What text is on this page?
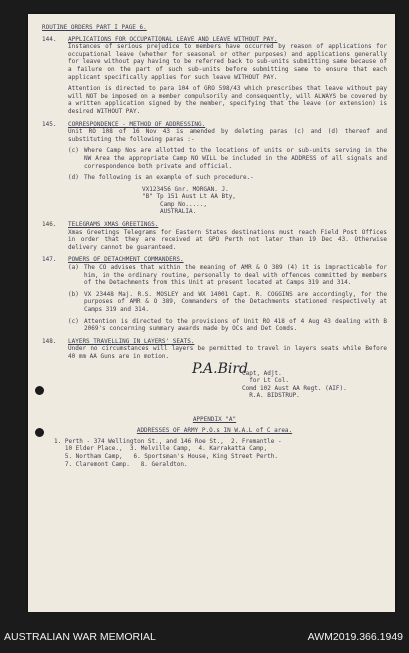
ROUTINE ORDERS PART I PAGE 6.
144.	APPLICATIONS FOR OCCUPATIONAL LEAVE AND LEAVE WITHOUT PAY.

Instances of serious prejudice to members have occurred by reason of applications for occupational leave (whether for seasonal or other purposes) and applications generally for leave without pay having to be referred back to sub-units submitting same because of a failure on the part of such sub-units before submitting same to ensure that each applicant specifically applies for such leave WITHOUT PAY.

Attention is directed to para 104 of GRO 598/43 which prescribes that leave without pay will NOT be imposed on a member compulsorily and consequently, will ALWAYS be covered by a written application signed by the member, specifying that the leave (or extension) is desired WITHOUT PAY.

145.	CORRESPONDENCE - METHOD OF ADDRESSING.

Unit RO 108 of 16 Nov 43 is amended by deleting paras (c) and (d) thereof and substituting the following paras :-

(c) Where Camp Nos are allotted to the locations of units or sub-units serving in the NW Area the appropriate Camp NO WILL be included in the ADDRESS of all signals and correspondence both private and official.
(d) The following is an example of such procedure.-
VX123456 Gnr. MORGAN. J.
"B" Tp 151 Aust Lt AA Bty,
Camp No.....,
AUSTRALIA.
146.	TELEGRAMS XMAS GREETINGS.

Xmas Greetings Telegrams for Eastern States destinations must reach Field Post Offices in order that they are received at GPO Perth not later than 19 Dec 43. Otherwise delivery cannot be guaranteed.

147.	POWERS OF DETACHMENT COMMANDERS.
(a) The CO advises that within the meaning of AMR & O 389 (4) it is impracticable for him, in the ordinary routine, personally to deal with offences committed by members of the Detachments from this Unit at present located at Camps 319 and 314.
(b) VX 23448 Maj. R.S. MOSLEY and WX 14001 Capt. R. COGGINS are accordingly, for the purposes of AMR & O 389, Commanders of the Detachments stationed respectively at Camps 319 and 314.
(c) Attention is directed to the provisions of Unit RO 418 of 4 Aug 43 dealing with B 2069's concerning summary awards made by OCs and Det Comds.
148.	LAYERS TRAVELLING IN LAYERS' SEATS.

Under no circumstances will layers be permitted to travel in layers seats while Before 40 mm AA Guns are in motion.

P.A.Bird
Capt, Adjt.
for Lt Col.
Comd 102 Aust AA Regt. (AIF).
R.A. BIDSTRUP.
APPENDIX "A"
ADDRESSES OF ARMY P.O.s IN W.A.L of C area.
1. Perth - 374 Wellington St., and 146 Roe St.,  2. Fremantle -
10 Elder Place.,  3. Melville Camp,  4. Karrakatta Camp,
5. Northam Camp,   6. Sportsman's House, King Street Perth.
7. Claremont Camp.   8. Geraldton.
AUSTRALIAN WAR MEMORIAL	AWM2019.366.1949
